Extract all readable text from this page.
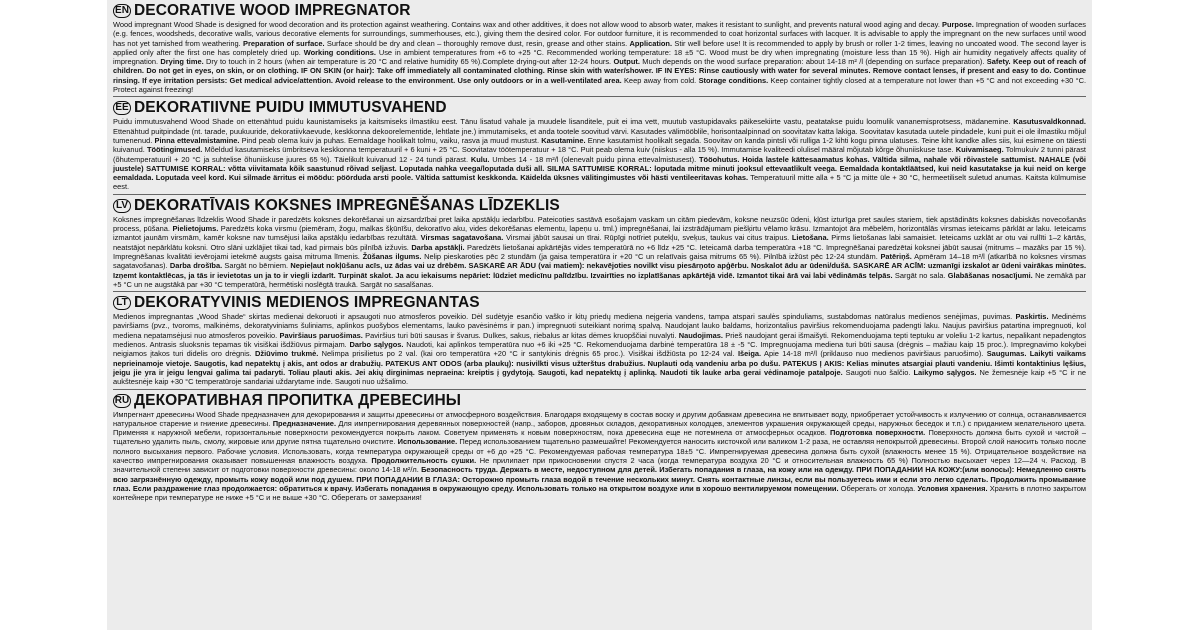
EN DECORATIVE WOOD IMPREGNATOR
Wood impregnant Wood Shade is designed for wood decoration and its protection against weathering. Contains wax and other additives, it does not allow wood to absorb water, makes it resistant to sunlight, and prevents natural wood aging and decay. Purpose. Impregnation of wooden surfaces (e.g. fences, woodsheds, decorative walls, various decorative elements for surroundings, summerhouses, etc.), giving them the desired color. For outdoor furniture, it is recommended to coat horizontal surfaces with lacquer. It is advisable to apply the impregnant on the new surfaces until wood has not yet tarnished from weathering. Preparation of surface. Surface should be dry and clean – thoroughly remove dust, resin, grease and other stains. Application. Stir well before use! It is recommended to apply by brush or roller 1-2 times, leaving no uncoated wood. The second layer is applied only after the first one has completely dried up. Working conditions. Use in ambient temperatures from +6 to +25 °C. Recommended working temperature: 18 ±5 °C. Wood must be dry when impregnating (moisture less than 15 %). High air humidity negatively affects quality of impregnation. Drying time. Dry to touch in 2 hours (when air temperature is 20 °C and relative humidity 65 %).Complete drying-out after 12-24 hours. Output. Much depends on the wood surface preparation: about 14-18 m² /l (depending on surface preparation). Safety. Keep out of reach of children. Do not get in eyes, on skin, or on clothing. IF ON SKIN (or hair): Take off immediately all contaminated clothing. Rinse skin with water/shower. IF IN EYES: Rinse cautiously with water for several minutes. Remove contact lenses, if present and easy to do. Continue rinsing. If eye irritation persists: Get medical advice/attention. Avoid release to the environment. Use only outdoors or in a well-ventilated area. Keep away from cold. Storage conditions. Keep container tightly closed at a temperature not lower than +5 °C and not exceeding +30 °C. Protect against freezing!
EE DEKORATIIVNE PUIDU IMMUTUSVAHEND
Puidu immutusvahend Wood Shade on ettenähtud puidu kaunistamiseks ja kaitsmiseks ilmastiku eest. Tänu lisatud vahale ja muudele lisanditele, puit ei ima vett, muutub vastupidavaks päikesekiirte vastu, peatatakse puidu loomulik vananemisprotsess, mädanemine. Kasutusvaldkonnad. Ettenähtud puitpindade (nt. tarade, puukuuride, dekoratiivkaevude, keskkonna dekoorelementide, lehtlate jne.) immutamiseks, et anda tootele soovitud värvi. Kasutades välimööblile, horisontaalpinnad on soovitatav katta lakiga. Soovitatav kasutada uutele pindadele, kuni puit ei ole ilmastiku mõjul tumenenud. Pinna ettevalmistamine. Pind peab olema kuiv ja puhas. Eemaldage hoolikalt tolmu, vaiku, rasva ja muud mustust. Kasutamine. Enne kasutamist hoolikalt segada. Soovitav on kanda pintsli või rulliga 1-2 kihti kogu pinna ulatuses. Teine kiht kandke alles siis, kui esimene on täiesti kuivanud. Töötingimused. Mõeldud kasutamiseks ümbritseva keskkonna temperatuuril + 6 kuni + 25 °C. Soovitatav töötemperatuur + 18 °C. Puit peab olema kuiv (niiskus - alla 15 %). Immutamise kvaliteedi olulisel määral mõjutab kõrge õhuniiskuse tase. Kuivamisaeg. Tolmukuiv 2 tunni pärast (õhutemperatuuril + 20 °C ja suhtelise õhuniiskuse juures 65 %). Täielikult kuivanud 12 - 24 tundi pärast. Kulu. Umbes 14 - 18 m²/l (olenevalt puidu pinna ettevalmistusest). Tööohutus. Hoida lastele kättesaamatus kohas. Vältida silma, nahale või rõivastele sattumist. NAHALE (või juustele) SATTUMISE KORRAL: võtta viivitamata kõik saastunud rõivad seljast. Loputada nahka veega/loputada duši all. SILMA SATTUMISE KORRAL: loputada mitme minuti jooksul ettevaatlikult veega. Eemaldada kontaktläätsed, kui neid kasutatakse ja kui neid on kerge eemaldada. Loputada veel kord. Kui silmade ärritus ei möödu: pöörduda arsti poole. Vältida sattumist keskkonda. Käidelda üksnes välitingimustes või hästi ventileeritavas kohas. Temperatuuril mitte alla + 5 °C ja mitte üle + 30 °C, hermeetiliselt suletud anumas. Kaitsta külmumise eest.
LV DEKORATĪVAIS KOKSNES IMPREGNĒŠANAS LĪDZEKLIS
Koksnes impregnēšanas līdzeklis Wood Shade ir paredzēts koksnes dekorēšanai un aizsardzībai pret laika apstākļu iedarbību. Pateicoties sastāvā esošajam vaskam un citām piedevām, koksne neuzsūc ūdeni, kļūst izturīga pret saules stariem, tiek apstādināts koksnes dabiskās novecošanās process, pūšana. Pielietojums. Paredzēts koka virsmu (piemēram, žogu, malkas šķūnīšu, dekoratīvo aku, vides dekorēšanas elementu, lapeņu u. tml.) impregnēšanai, lai izstrādājumam piešķirtu vēlamo krāsu. Izmantojot āra mēbelēm, horizontālās virsmas ieteicams pārklāt ar laku. Ieteicams izmantot jaunām virsmām, kamēr koksne nav tumsējusi laika apstākļu iedarbības rezultātā. Virsmas sagatavošana. Virsmai jābūt sausai un tīrai. Rūpīgi notīriet putekļu, sveķus, taukus vai citus traipus. Lietošana. Pirms lietošanas labi samaisiet. Ieteicams uzklāt ar otu vai rullīti 1–2 kārtās, neatstājot nepārklātu koksni. Otro slāni uzklājiet tikai tad, kad pirmais būs pilnībā izžuvis. Darba apstākļi. Paredzēts lietošanai apkārtējās vides temperatūrā no +6 līdz +25 °C. Ieteicamā darba temperatūra +18 °C. Impregnēšanai paredzētai koksnei jābūt sausai (mitrums – mazāks par 15 %). Impregnēšanas kvalitāti ievērojami ietekmē augsts gaisa mitruma līmenis. Žūšanas ilgums. Nelip pieskaroties pēc 2 stundām (ja gaisa temperatūra ir +20 °C un relatīvais gaisa mitrums 65 %). Pilnībā izžūst pēc 12-24 stundām. Patēriņš. Apmēram 14–18 m²/l (atkarībā no koksnes virsmas sagatavošanas). Darba drošība. Sargāt no bērniem. Nepieļaut nokļūšanu acīs, uz ādas vai uz drēbēm. SASKARĒ AR ĀDU (vai matiem): nekavējoties novilkt visu piesārņoto apģērbu. Noskalot ādu ar ūdeni/dušā. SASKARĒ AR ACĪM: uzmanīgi izskalot ar ūdeni vairākas minūtes. Izņemt kontaktlēcas, ja tās ir ievietotas un ja to ir viegli izdarīt. Turpināt skalot. Ja acu iekaisums nepāriet: lūdziet medicīnu palīdzību. Izvairīties no izplatīšanas apkārtējā vidē. Izmantot tikai ārā vai labi vēdināmās telpās. Sargāt no sala. Glabāšanas nosacījumi. Ne zemākā par +5 °C un ne augstākā par +30 °C temperatūrā, hermētiski noslēgtā traukā. Sargāt no sasalšanas.
LT DEKORATYVINIS MEDIENOS IMPREGNANTAS
Medienos impregnantas „Wood Shade“ skirtas medienai dekoruoti ir apsaugoti nuo atmosferos poveikio. Dėl sudėtyje esančio vaško ir kitų priedų mediena neįgeria vandens, tampa atspari saulės spinduliams, sustabdomas natūralus medienos senėjimas, puvimas. Paskirtis. Medinėms paviršiams (pvz., tvoroms, malkinėms, dekoratyviniams šuliniams, aplinkos puošybos elementams, lauko pavėsinėms ir pan.) impregnuoti suteikiant norimą spalvą. Naudojant lauko baldams, horizontalius paviršius rekomenduojama padengti laku. Naujus paviršius patartina impregnuoti, kol mediena nepatamsėjusi nuo atmosferos poveikio. Paviršiaus paruošimas. Paviršius turi būti sausas ir švarus. Dulkes, sakus, riebalus ar kitas dėmes kruopščiai nuvalyti. Naudojimas. Prieš naudojant gerai išmaišyti. Rekomenduojama tepti teptuku ar voleliu 1-2 kartus, nepalikant nepadengtos medienos. Antrasis sluoksnis tepamas tik visiškai išdžiūvus pirmajam. Darbo sąlygos. Naudoti, kai aplinkos temperatūra nuo +6 iki +25 °C. Rekomenduojama darbinė temperatūra 18 ± -5 °C. Impregnuojama mediena turi būti sausa (drėgnis – mažiau kaip 15 proc.). Impregnavimo kokybei neigiamos įtakos turi didelis oro drėgnis. Džiūvimo trukmė. Nelimpa prisilietus po 2 val. (kai oro temperatūra +20 °C ir santykinis drėgnis 65 proc.). Visiškai išdžiūsta po 12-24 val. Išeiga. Apie 14-18 m²/l (priklauso nuo medienos paviršiaus paruošimo). Saugumas. Laikyti vaikams neprieinamoje vietoje. Saugotis, kad nepatektų į akis, ant odos ar drabužių. PATEKUS ANT ODOS (arba plaukų): nusivilkti visus užterštus drabužius. Nuplauti odą vandeniu arba po dušu. PATEKUS Į AKIS: Kelias minutes atsargiai plauti vandeniu. Išimti kontaktinius lęšius, jeigu jie yra ir jeigu lengvai galima tai padaryti. Toliau plauti akis. Jei akių dirginimas nepraeina: kreiptis į gydytoją. Saugoti, kad nepatektų į aplinką. Naudoti tik lauke arba gerai vėdinamoje patalpoje. Saugoti nuo šalčio. Laikymo sąlygos. Ne žemesnėje kaip +5 °C ir ne aukštesnėje kaip +30 °C temperatūroje sandariai uždarytame inde. Saugoti nuo užšalimo.
RU ДЕКОРАТИВНАЯ ПРОПИТКА ДРЕВЕСИНЫ
Импрегнант древесины Wood Shade предназначен для декорирования и защиты древесины от атмосферного воздействия. Благодаря входящему в состав воску и другим добавкам древесина не впитывает воду, приобретает устойчивость к излучению от солнца, останавливается натуральное старение и гниение древесины. Предназначение. Для импрегнирования деревянных поверхностей (напр., заборов, дровяных складов, декоративных колодцев, элементов украшения окружающей среды, наружных беседок и т.п.) с приданием желательного цвета. Применяя к наружной мебели, горизонтальные поверхности рекомендуется покрыть лаком. Советуем применять к новым поверхностям, пока древесина еще не потемнела от атмосферных осадков. Подготовка поверхности. Поверхность должна быть сухой и чистой – тщательно удалить пыль, смолу, жировые или другие пятна тщательно очистите. Использование. Перед использованием тщательно размешайте! Рекомендуется наносить кисточкой или валиком 1-2 раза, не оставляя непокрытой древесины. Второй слой наносить только после полного высыхания первого. Рабочие условия. Использовать, когда температура окружающей среды от +6 до +25 °C. Рекомендуемая рабочая температура 18±5 °C. Импрегнируемая древесина должна быть сухой (влажность менее 15 %). Отрицательное воздействие на качество импрегнирования оказывает повышенная влажность воздуха. Продолжительность сушки. Не прилипает при прикосновении спустя 2 часа (когда температура воздуха 20 °C и относительная влажность 65 %) Полностью высыхает через 12—24 ч. Расход. В значительной степени зависит от подготовки поверхности древесины: около 14-18 м²/л. Безопасность труда. Держать в месте, недоступном для детей. Избегать попадания в глаза, на кожу или на одежду. ПРИ ПОПАДАНИИ НА КОЖУ:(или волосы): Немедленно снять всю загрязнённую одежду, промыть кожу водой или под душем. ПРИ ПОПАДАНИИ В ГЛАЗА: Осторожно промыть глаза водой в течение нескольких минут. Снять контактные линзы, если вы пользуетесь ими и если это легко сделать. Продолжить промывание глаз. Если раздражение глаз продолжается: обратиться к врачу. Избегать попадания в окружающую среду. Использовать только на открытом воздухе или в хорошо вентилируемом помещении. Оберегать от холода. Условия хранения. Хранить в плотно закрытом контейнере при температуре не ниже +5 °C и не выше +30 °C. Оберегать от замерзания!
